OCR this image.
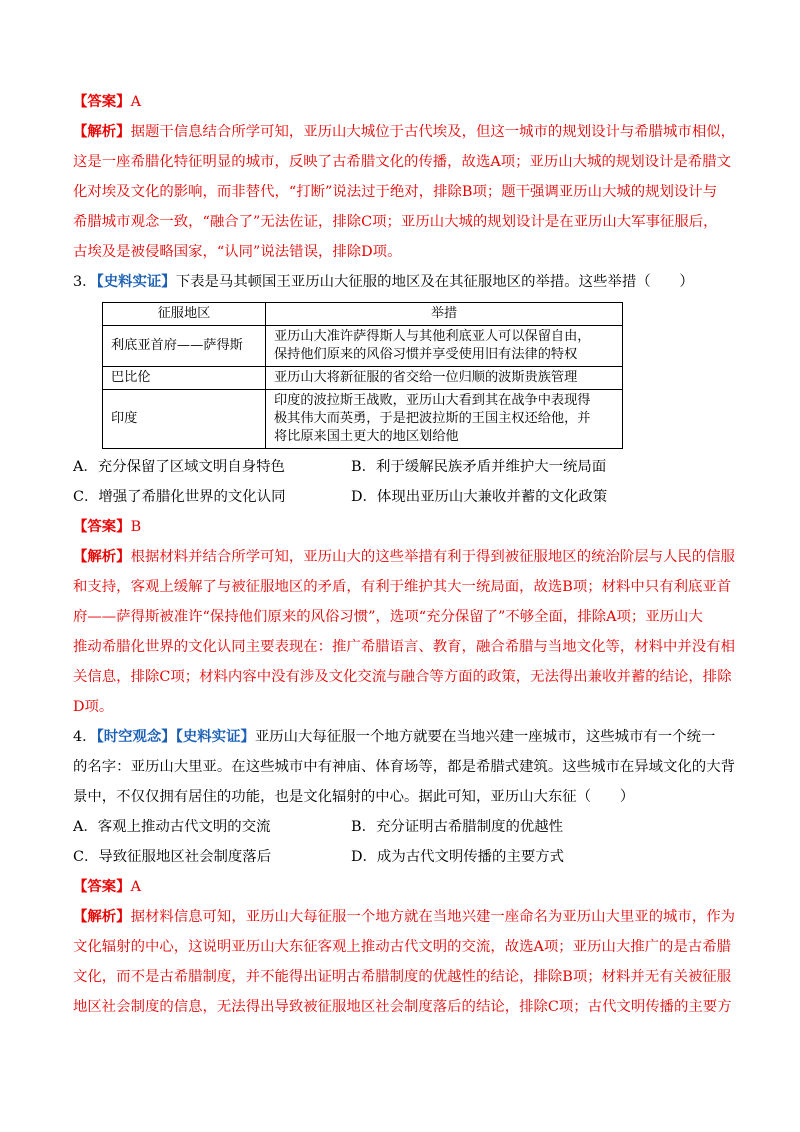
【答案】A
【解析】据题干信息结合所学可知，亚历山大城位于古代埃及，但这一城市的规划设计与希腊城市相似，
这是一座希腊化特征明显的城市，反映了古希腊文化的传播，故选A项；亚历山大城的规划设计是希腊文
化对埃及文化的影响，而非替代，“打断”说法过于绝对，排除B项；题干强调亚历山大城的规划设计与
希腊城市观念一致，“融合了”无法佐证，排除C项；亚历山大城的规划设计是在亚历山大军事征服后，
古埃及是被侵略国家，“认同”说法错误，排除D项。
3．【史料实证】下表是马其顿国王亚历山大征服的地区及在其征服地区的举措。这些举措（　　）
征服地区	举措
利底亚首府——萨得斯	亚历山大准许萨得斯人与其他利底亚人可以保留自由，
保持他们原来的风俗习惯并享受使用旧有法律的特权

巴比伦	亚历山大将新征服的省交给一位归顺的波斯贵族管理

印度	印度的波拉斯王战败，亚历山大看到其在战争中表现得
极其伟大而英勇，于是把波拉斯的王国主权还给他，并
将比原来国土更大的地区划给他
A．充分保留了区域文明自身特色	B．利于缓解民族矛盾并维护大一统局面
C．增强了希腊化世界的文化认同	D．体现出亚历山大兼收并蓄的文化政策
【答案】B
【解析】根据材料并结合所学可知，亚历山大的这些举措有利于得到被征服地区的统治阶层与人民的信服
和支持，客观上缓解了与被征服地区的矛盾，有利于维护其大一统局面，故选B项；材料中只有利底亚首
府——萨得斯被准许“保持他们原来的风俗习惯”，选项“充分保留了”不够全面，排除A项；亚历山大
推动希腊化世界的文化认同主要表现在：推广希腊语言、教育，融合希腊与当地文化等，材料中并没有相
关信息，排除C项；材料内容中没有涉及文化交流与融合等方面的政策，无法得出兼收并蓄的结论，排除
D项。
4．【时空观念】【史料实证】亚历山大每征服一个地方就要在当地兴建一座城市，这些城市有一个统一
的名字：亚历山大里亚。在这些城市中有神庙、体育场等，都是希腊式建筑。这些城市在异域文化的大背
景中，不仅仅拥有居住的功能，也是文化辐射的中心。据此可知，亚历山大东征（　　）
A．客观上推动古代文明的交流	B．充分证明古希腊制度的优越性
C．导致征服地区社会制度落后	D．成为古代文明传播的主要方式
【答案】A
【解析】据材料信息可知，亚历山大每征服一个地方就在当地兴建一座命名为亚历山大里亚的城市，作为
文化辐射的中心，这说明亚历山大东征客观上推动古代文明的交流，故选A项；亚历山大推广的是古希腊
文化，而不是古希腊制度，并不能得出证明古希腊制度的优越性的结论，排除B项；材料并无有关被征服
地区社会制度的信息，无法得出导致被征服地区社会制度落后的结论，排除C项；古代文明传播的主要方
